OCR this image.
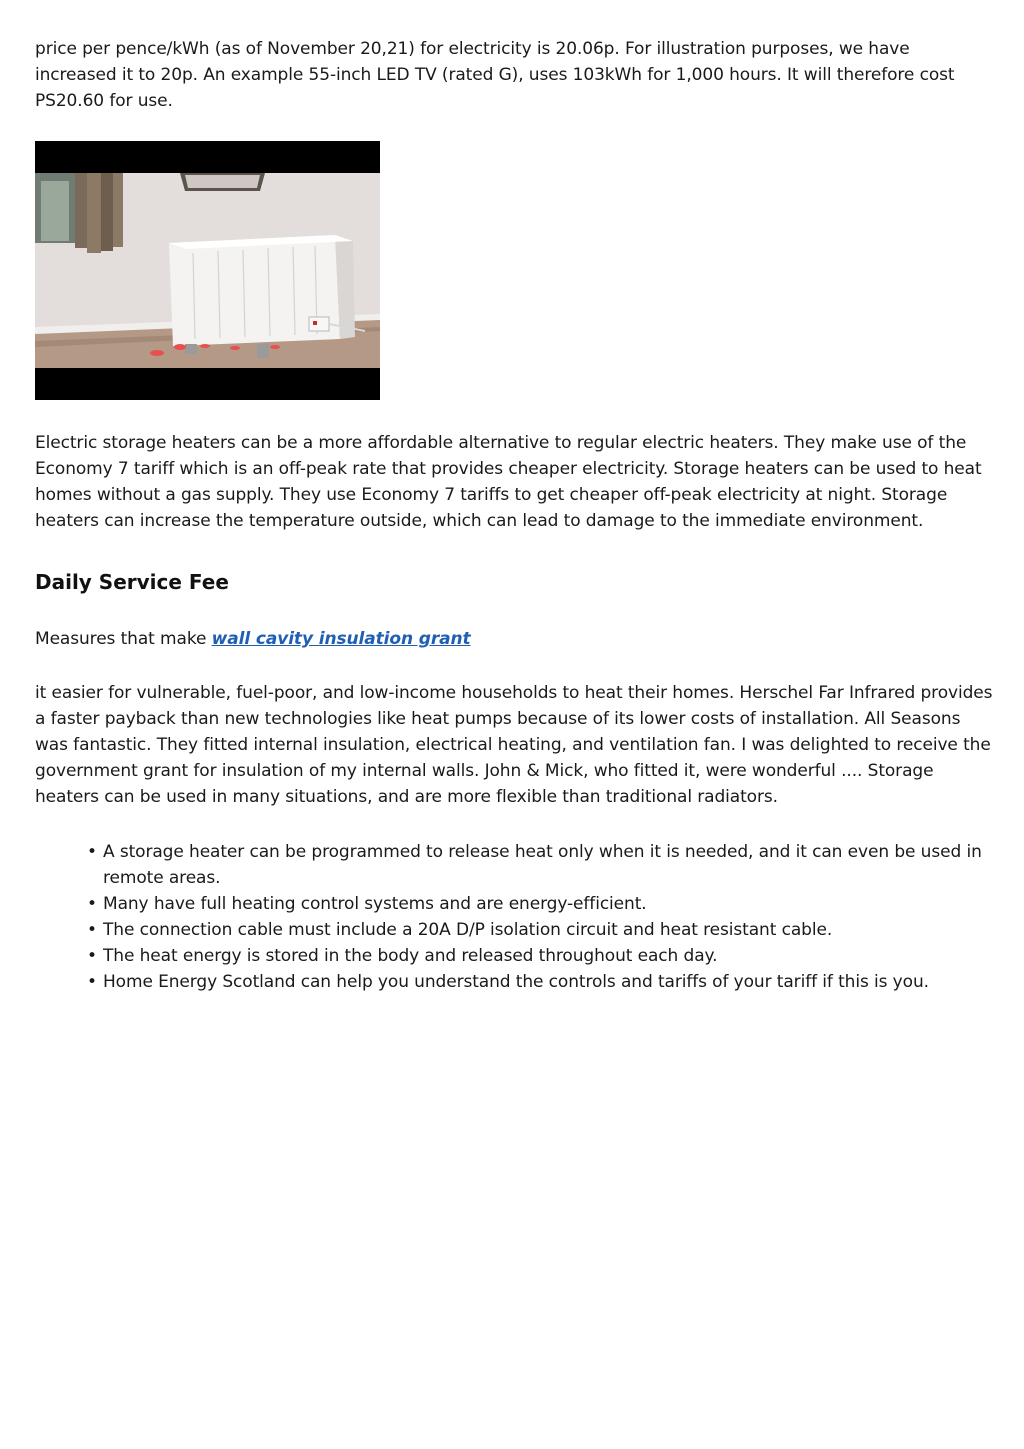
price per pence/kWh (as of November 20,21) for electricity is 20.06p. For illustration purposes, we have increased it to 20p. An example 55-inch LED TV (rated G), uses 103kWh for 1,000 hours. It will therefore cost PS20.60 for use.

Electric storage heaters can be a more affordable alternative to regular electric heaters. They make use of the Economy 7 tariff which is an off-peak rate that provides cheaper electricity. Storage heaters can be used to heat homes without a gas supply. They use Economy 7 tariffs to get cheaper off-peak electricity at night. Storage heaters can increase the temperature outside, which can lead to damage to the immediate environment.

Daily Service Fee

Measures that make wall cavity insulation grant

it easier for vulnerable, fuel-poor, and low-income households to heat their homes. Herschel Far Infrared provides a faster payback than new technologies like heat pumps because of its lower costs of installation. All Seasons was fantastic. They fitted internal insulation, electrical heating, and ventilation fan. I was delighted to receive the government grant for insulation of my internal walls. John & Mick, who fitted it, were wonderful .... Storage heaters can be used in many situations, and are more flexible than traditional radiators.

• A storage heater can be programmed to release heat only when it is needed, and it can even be used in remote areas.
• Many have full heating control systems and are energy-efficient.
• The connection cable must include a 20A D/P isolation circuit and heat resistant cable.
• The heat energy is stored in the body and released throughout each day.
• Home Energy Scotland can help you understand the controls and tariffs of your tariff if this is you.
